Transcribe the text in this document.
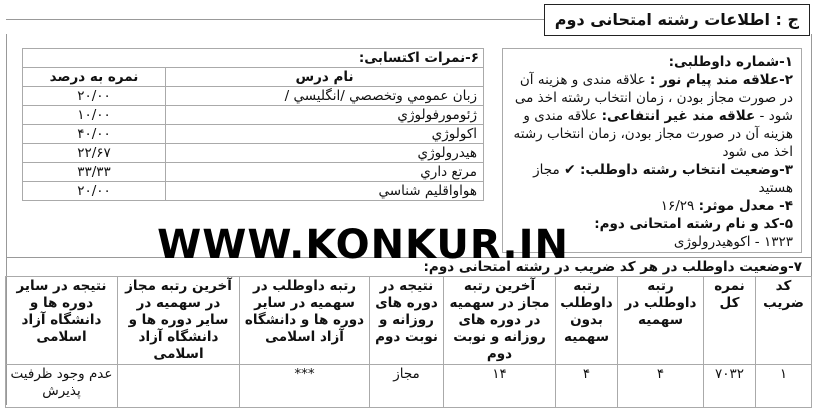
ج : اطلاعات رشته امتحانی دوم

۱-شماره داوطلبی:

۲-علاقه مند پیام نور : علاقه مندی و هزینه آن در صورت مجاز بودن ، زمان انتخاب رشته اخذ می شود - علاقه مند غیر انتفاعی: علاقه مندی و هزینه آن در صورت مجاز بودن، زمان انتخاب رشته اخذ می شود

۳-وضعیت انتخاب رشته داوطلب: ✔ مجاز هستید

۴- معدل موثر: ۱۶/۲۹

۵-کد و نام رشته امتحانی دوم:

۱۳۲۳ - اکوهیدرولوژی

۶-نمرات اکتسابی:
نام درس	نمره به درصد
زبان عمومي وتخصصي /انگليسي /	۲۰/۰۰
ژئومورفولوژي	۱۰/۰۰
اكولوژي	۴۰/۰۰
هيدرولوژي	۲۲/۶۷
مرتع داري	۳۳/۳۳
هواواقليم شناسي	۲۰/۰۰
۷-وضعیت داوطلب در هر کد ضریب در رشته امتحانی دوم:
کد ضریب	نمره کل	رتبه داوطلب در سهمیه	رتبه داوطلب بدون سهمیه	آخرین رتبه مجاز در سهمیه در دوره های روزانه و نوبت دوم	نتیجه در دوره های روزانه و نوبت دوم	رتبه داوطلب در سهمیه در سایر دوره ها و دانشگاه آزاد اسلامی	آخرین رتبه مجاز در سهمیه در سایر دوره ها و دانشگاه آزاد اسلامی	نتیجه در سایر دوره ها و دانشگاه آزاد اسلامی
۱	۷۰۳۲	۴	۴	۱۴	مجاز	***		عدم وجود ظرفیت پذیرش
WWW.KONKUR.IN
